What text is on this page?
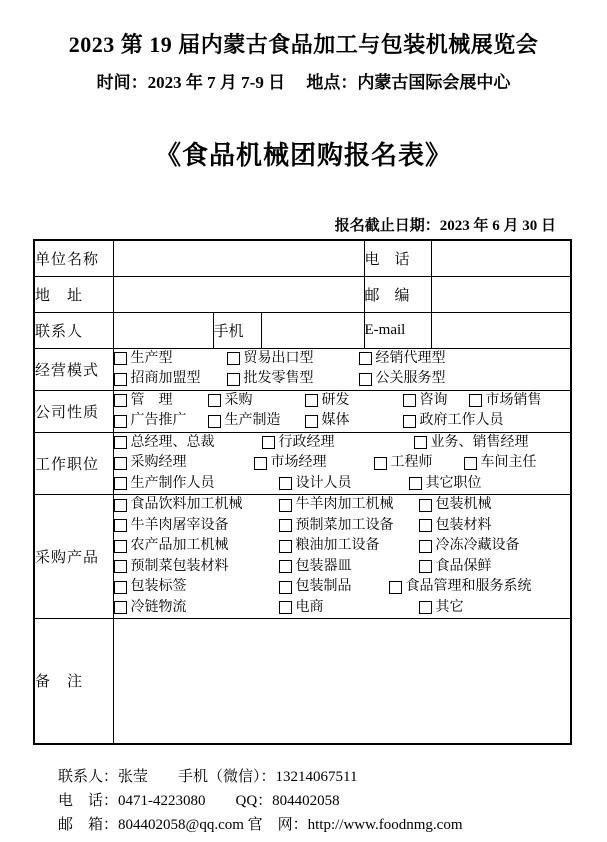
2023 第 19 届内蒙古食品加工与包装机械展览会
时间：2023 年 7 月 7-9 日　 地点：内蒙古国际会展中心
《食品机械团购报名表》
报名截止日期：2023 年 6 月 30 日
单位名称				电　话	
地　址				邮　编	
联系人		手机		E-mail	
经营模式	
生产型	贸易出口型	经销代理型
招商加盟型	批发零售型	公关服务型

公司性质	
管　理	采购	研发	咨询	市场销售
广告推广	生产制造	媒体	政府工作人员

工作职位	
总经理、总裁	行政经理	业务、销售经理
采购经理	市场经理	工程师	车间主任
生产制作人员	设计人员	其它职位

采购产品	
食品饮料加工机械	牛羊肉加工机械	包装机械
牛羊肉屠宰设备	预制菜加工设备	包装材料
农产品加工机械	粮油加工设备	冷冻冷藏设备
预制菜包装材料	包装器皿	食品保鲜
包装标签	包装制品	食品管理和服务系统
冷链物流	电商	其它

备　注					
联系人：张莹　　手机（微信）：13214067511
电　话：0471-4223080　　QQ：804402058
邮　箱：804402058@qq.com 官　网：http://www.foodnmg.com
